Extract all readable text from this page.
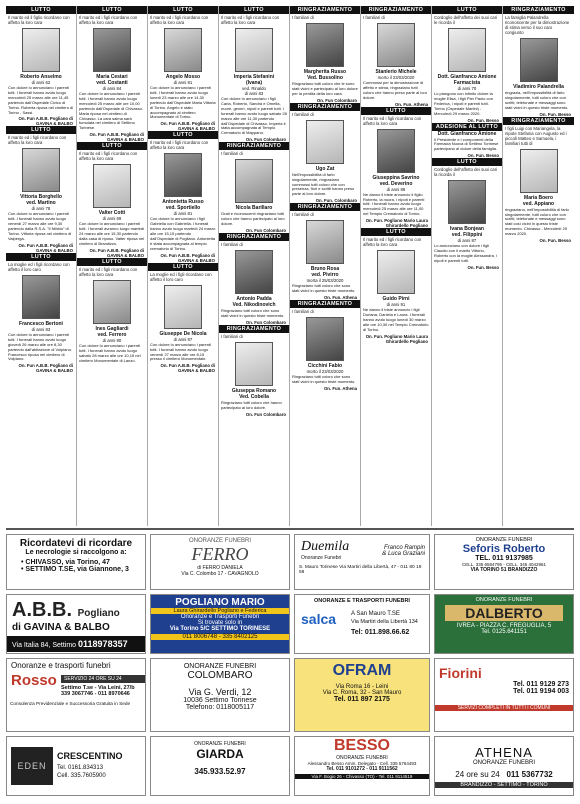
LUTTO
Il marito ed il figlio ricordano con affetto la loro cara
Roberto Anselmo
di anni 62
Con dolore lo annunciano i parenti tutti. I funerali hanno avuto luogo mercoledì 25 marzo alle ore 11,45 partendo dall'Ospedale Civico di Torino. Roberta riposa nel cimitero di Torino - Sassi.
On. Fun A.B.B. Pogliano di GAVINA & BALBO
LUTTO
Il marito ed i figli ricordano con affetto la loro cara
Vittoria Borghello
ved. Martino
di anni 78
Con dolore lo annunciano i parenti tutti. I funerali hanno avuto luogo venerdì 27 marzo alle ore 9,30 partendo dalla R.S.A. "Il Nibbio" di Torino. Vittoria riposa nel cimitero di Valperga.
On. Fun A.B.B. Pogliano di GAVINA & BALBO
LUTTO
La moglie ed i figli ricordano con affetto il loro caro
Francesco Bertoni
di anni 83
Con dolore lo annunciano i parenti tutti. I funerali hanno avuto luogo giovedì 26 marzo alle ore 8,30 partendo dall'abitazione di Volpiano. Francesco riposa nel cimitero di Volpiano.
On. Fun A.B.B. Pogliano di GAVINA & BALBO
LUTTO
Il marito ed i figli ricordano con affetto la loro cara
Maria Cestari
ved. Costanti
di anni 84
Con dolore lo annunciano i parenti tutti. I funerali hanno avuto luogo mercoledì 25 marzo alle ore 10,00 partendo dall'Ospedale di Chivasso. Maria riposa nel cimitero di Chivasso. La cara salma sarà tumulata nel cimitero di Settimo Torinese.
On. Fun A.B.B. Pogliano di GAVINA & BALBO
LUTTO
Il marito ed i figli ricordano con affetto la loro cara
Valter Cotti
di anni 69
Con dolore lo annunciano i parenti tutti. I funerali avranno luogo martedì 24 marzo alle ore 15,30 partendo dalla casa di riposo. Valter riposa nel cimitero di Brandizzo.
On. Fun A.B.B. Pogliano di GAVINA & BALBO
LUTTO
Il marito ed i figli ricordano con affetto la loro cara
Ines Gagliardi
ved. Ferrero
di anni 90
Con dolore lo annunciano i parenti tutti. I funerali hanno avuto luogo sabato 28 marzo alle ore 10,15 nel cimitero Monumentale di Lanzo.
LUTTO
Il marito ed i figli ricordano con affetto la loro cara
Angelo Mosso
di anni 81
Con dolore lo annunciano i parenti tutti. I funerali hanno avuto luogo lunedì 23 marzo alle ore 14,30 partendo dall'Ospedale Maria Vittoria di Torino. Angelo è stato accompagnato al cimitero Monumentale di Torino.
On. Fun A.B.B. Pogliano di GAVINA & BALBO
LUTTO
Il marito ed i figli ricordano con affetto la loro cara
Antonietta Russo
ved. Sportiello
di anni 81
Con dolore lo annunciano i figli Gabriella con Gabriella. I funerali hanno avuto luogo martedì 24 marzo alle ore 15,15 partendo dall'Ospedale di Pogliano. Antonietta è stata accompagnata al tempio crematorio di Torino.
On. Fun A.B.B. Pogliano di GAVINA & BALBO
LUTTO
La moglie ed i figli ricordano con affetto il loro caro
Giuseppe De Nicola
di anni 87
Con dolore lo annunciano i parenti tutti. I funerali hanno avuto luogo venerdì 27 marzo alle ore 8,15 presso il cimitero Monumentale.
On. Fun A.B.B. Pogliano di GAVINA & BALBO
LUTTO
Il marito ed i figli ricordano con affetto la loro cara
Imperia Stefanini
(Ivana)
ved. Rinaldo
di anni 83
Con dolore lo annunciano i figli Carla, Roberto, Sandra e Ornella, nuore, generi, nipoti e parenti tutti. I funerali hanno avuto luogo sabato 28 marzo alle ore 11,30 partendo dall'Ospedale di Chivasso. Imperia è stata accompagnata al Tempio Crematorio di Mappano.
On. Fun Colombaro
RINGRAZIAMENTO
I familiari di
Nicola Barillaro
Grati e riconoscenti ringraziano tutti coloro che hanno partecipato al loro dolore.
On. Fun Colombaro
RINGRAZIAMENTO
I familiari di
Antonio Padda
Ved. Nikodinovich
Ringraziano tutti coloro che sono stati vicini in questo triste momento.
On. Fun Colombaro
RINGRAZIAMENTO
I familiari di
Giuseppa Romano
Ved. Cobella
Ringraziano tutti coloro che hanno partecipato al loro dolore.
On. Fun Colombaro
RINGRAZIAMENTO
I familiari di
Margherita Russo
Ved. Bussolino
Ringraziano tutti coloro che le sono stati vicini e partecipato al loro dolore per la perdita della loro cara.
On. Fun Colombaro
RINGRAZIAMENTO
I familiari di
Ugo Zat
Nell'impossibilità di farlo singolarmente, ringraziano commossi tutti coloro che con presenza, fiori e scritti hanno preso parte al loro dolore.
On. Fun. Colombaro
RINGRAZIAMENTO
I familiari di
Bruno Rosa
ved. Pivirro
morta il 25/03/2020
Ringraziano tutti coloro che sono stati vicini in questo triste momento.
On. Fun. Athena
RINGRAZIAMENTO
I familiari di
Cicchini Fabio
morto il 23/03/2020
Ringraziano tutti coloro che sono stati vicini in questo triste momento.
On. Fun. Athena
RINGRAZIAMENTO
I familiari di
Stanlerio Michele
morto il 23/03/2020
Commossi per la dimostrazione di affetto e stima, ringraziano tutti coloro che hanno preso parte al loro dolore.
On. Fun. Athena
LUTTO
Il marito ed i figli ricordano con affetto la loro cara
Giuseppina Savrino
ved. Deverino
di anni 89
Ne danno il triste annuncio il figlio Roberto, la nuora, i nipoti e parenti tutti. I funerali hanno avuto luogo mercoledì 25 marzo alle ore 11,00 nel Tempio Crematorio di Torino.
On. Fun. Pogliano Mario Laura Ghirardello Pogliano
LUTTO
Il marito ed i figli ricordano con affetto la loro cara
Guido Pirni
di anni 91
Ne danno il triste annuncio i figli Doriana, Daniela e Laura. I funerali hanno avuto luogo lunedì 30 marzo alle ore 10,30 nel Tempio Crematorio di Torino.
On. Fun. Pogliano Mario Laura Ghirardello Pogliano
LUTTO
Cordoglio dell'affetto dei suoi cari le ricorda il
Dott. Gianfranco Amione
Farmacista
di anni 70
Lo piangono con infinito dolore la moglie Elisa, i figli Pier Paolo con Federica, i nipoti e parenti tutti. Torino (Ospedale Martini) - Mercoledì 29 marzo 2020.
On. Fun. Besso
ADESIONE AL LUTTO
Dott. Gianfranco Amione
Il Presidente e i componenti della Farmacia Nuova di Settimo Torinese partecipano al dolore della famiglia.
On. Fun. Besso
LUTTO
Cordoglio dell'affetto dei suoi cari la ricorda il
Ivana Bonjean
ved. Filippini
di anni 87
Lo annunciano con dolore i figli Claudio con il marito Vittorio, Roberto con la moglie Alessandra, i nipoti e parenti tutti.
On. Fun. Besso
RINGRAZIAMENTO
La famiglia Palandrella riconoscente per la dimostrazione di stima verso il suo caro congiunto
Vladimiro Palandrella
ringrazia, nell'impossibilità di farlo singolarmente, tutti coloro che con scritti, telefonate e messaggi sono stati vicini in questo triste momento.
On. Fun. Besso
RINGRAZIAMENTO
I figli Luigi con Mariangela, la nipote Stefania con Augusto ed i piccoli Matteo e Samuela, i familiari tutti di
Maria Boero
ved. Appiano
ringraziano, nell'impossibilità di farlo singolarmente, tutti coloro che con scritti, telefonate e messaggi sono stati così vicini in questo triste momento. Chivasso - Mercoledì 29 marzo 2020.
On. Fun. Besso
Ricordatevi di ricordare
Le necrologie si raccolgono a:
• CHIVASSO, via Torino, 47
• SETTIMO T.SE, via Giannone, 3
A.B.B. Pogliano
di GAVINA & BALBO
Via Italia 84, Settimo 0118978357
Onoranze e trasporti funebri
Rosso	SERVIZIO 24 ORE SU 24
Settimo T.se - Via Leini, 27/b
339 3067746 - 011 8970646
Consulenza Previdenziale e Successoria Gratuita in Sede
EDEN
CRESCENTINO
Tel. 0161.834313
Cell. 335.7605900
ONORANZE FUNEBRI
FERRO
di FERRO DANIELA
Via C. Colombo 17 - CAVAGNOLO
POGLIANO MARIO
Laura Ghirardello Pogliano e Federica
Onoranze e Trasporti Funebri
Si trovate solo in
Via Torino 5/C SETTIMO TORINESE
011 8006748 - 335 8402125
ONORANZE FUNEBRI
COLOMBARO
Via G. Verdi, 12
10036 Settimo Torinese
Telefono: 0118005117
ONORANZE FUNEBRI
GIARDA
345.933.52.97
Duemila
Onoranze Funebri
Franco Rampin & Luca Graziani
S. Mauro Torinese Via Martiri della Libertà, 47 - 011 80 19 58
ONORANZE E TRASPORTI FUNEBRI
salca A San Mauro T.SE
Via Martiri della Libertà 134
Tel: 011.898.66.62
OFRAM
Via Roma 16 - Leini
Via C. Roma, 32 - San Mauro
Tel. 011 897 2175
BESSO
ONORANZE FUNEBRI
Alessandro Besso Amm. Delegato - Cell. 335 5764493
Tel. 011 9101272 - 011 9111562
Via F. Bogio 26 - Chivasso (TO) - Tel. 011 9114519
ONORANZE FUNEBRI
Seforis Roberto
TEL. 011 9137985
CELL. 335 6584795 - CELL. 345 4042961
VIA TORINO 51 BRANDIZZO
ONORANZE FUNEBRI
DALBERTO
IVREA - PIAZZA C. FREGUGLIA, 5
Tel. 0125.641151
Fiorini
Tel. 011 9129 273
Tel. 011 9194 003
SERVIZI COMPLETI IN TUTTI I COMUNI
ATHENA
ONORANZE FUNEBRI
24 ore su 24 011 5367732
BRANDIZZO - SETTIMO - TORINO
